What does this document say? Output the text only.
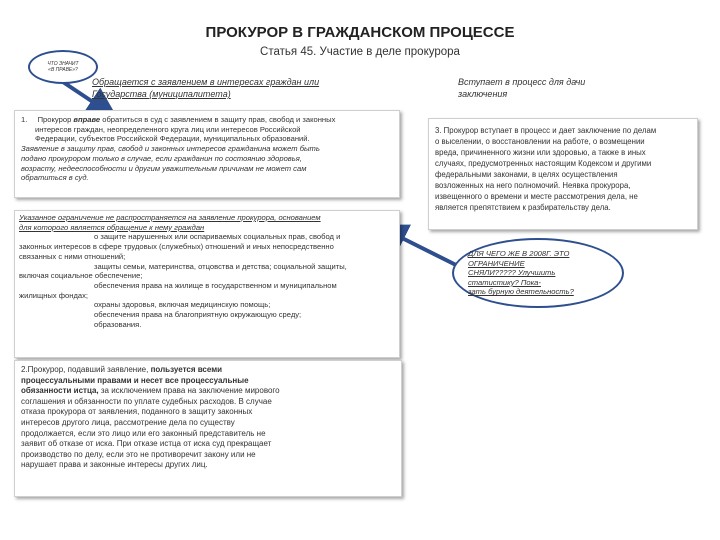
ПРОКУРОР В ГРАЖДАНСКОМ ПРОЦЕССЕ
Статья 45. Участие в деле прокурора
ЧТО ЗНАЧИТ
«В ПРАВЕ»?
Обращается с заявлением в интересах граждан или
Государства (муниципалитета)
Вступает в процесс для дачи
заключения

1. Прокурор вправе обратиться в суд с заявлением в защиту прав, свобод и законных

интересов граждан, неопределенного круга лиц или интересов Российской

Федерации, субъектов Российской Федерации, муниципальных образований.

Заявление в защиту прав, свобод и законных интересов гражданина может быть

подано прокурором только в случае, если гражданин по состоянию здоровья,

возрасту, недееспособности и другим уважительным причинам не может сам

обратиться в суд.

Указанное ограничение не распространяется на заявление прокурора, основанием

для которого является обращение к нему граждан

о защите нарушенных или оспариваемых социальных прав, свобод и

законных интересов в сфере трудовых (служебных) отношений и иных непосредственно

связанных с ними отношений;

защиты семьи, материнства, отцовства и детства; социальной защиты,

включая социальное обеспечение;

обеспечения права на жилище в государственном и муниципальном

жилищных фондах;

охраны здоровья, включая медицинскую помощь;

обеспечения права на благоприятную окружающую среду;

образования.

2.Прокурор, подавший заявление, пользуется всеми

процессуальными правами и несет все процессуальные

обязанности истца, за исключением права на заключение мирового

соглашения и обязанности по уплате судебных расходов. В случае

отказа прокурора от заявления, поданного в защиту законных

интересов другого лица, рассмотрение дела по существу

продолжается, если это лицо или его законный представитель не

заявит об отказе от иска. При отказе истца от иска суд прекращает

производство по делу, если это не противоречит закону или не

нарушает права и законные интересы других лиц.

3. Прокурор вступает в процесс и дает заключение по делам

о выселении, о восстановлении на работе, о возмещении

вреда, причиненного жизни или здоровью, а также в иных

случаях, предусмотренных настоящим Кодексом и другими

федеральными законами, в целях осуществления

возложенных на него полномочий. Неявка прокурора,

извещенного о времени и месте рассмотрения дела, не

является препятствием к разбирательству дела.

ДЛЯ ЧЕГО ЖЕ В 2008Г. ЭТО ОГРАНИЧЕНИЕ
СНЯЛИ????? Улучшить статистику? Пока-
зать бурную деятельность?
